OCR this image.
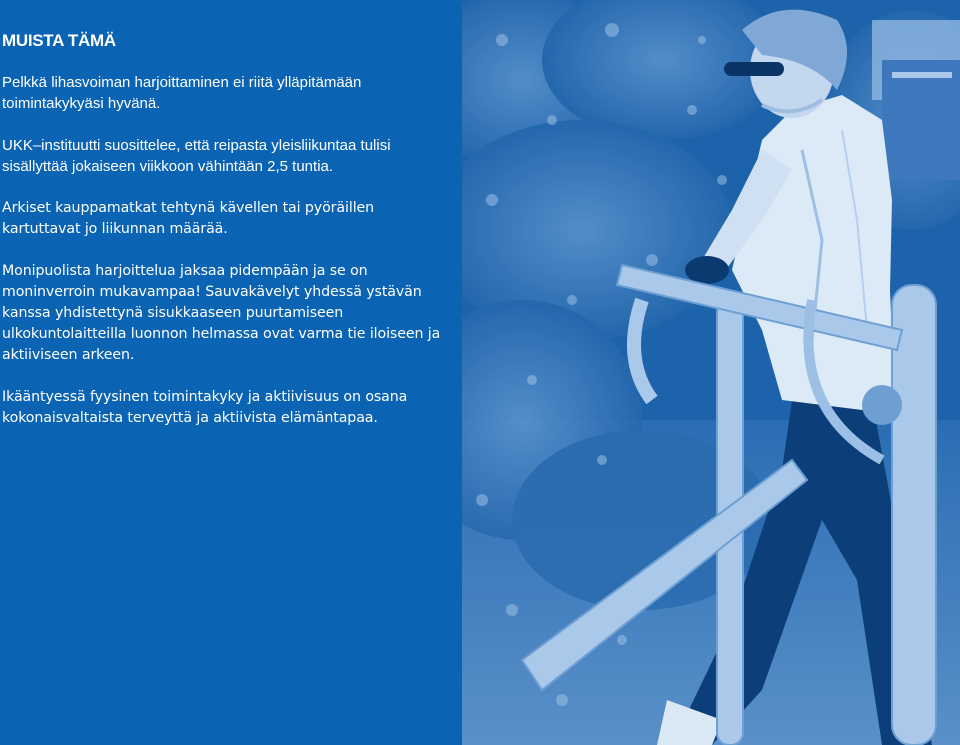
MUISTA TÄMÄ

Pelkkä lihasvoiman harjoittaminen ei riitä ylläpitämään toimintakykyäsi hyvänä.

UKK–instituutti suosittelee, että reipasta yleisliikuntaa tulisi sisällyttää jokaiseen viikkoon vähintään 2,5 tuntia.

Arkiset kauppamatkat tehtynä kävellen tai pyöräillen kartuttavat jo liikunnan määrää.

Monipuolista harjoittelua jaksaa pidempään ja se on moninverroin mukavampaa! Sauvakävelyt yhdessä ystävän kanssa yhdistettynä sisukkaaseen puurtamiseen ulkokuntolaitteilla luonnon helmassa ovat varma tie iloiseen ja aktiiviseen arkeen.

Ikääntyessä fyysinen toimintakyky ja aktiivisuus on osana kokonaisvaltaista terveyttä ja aktiivista elämäntapaa.
